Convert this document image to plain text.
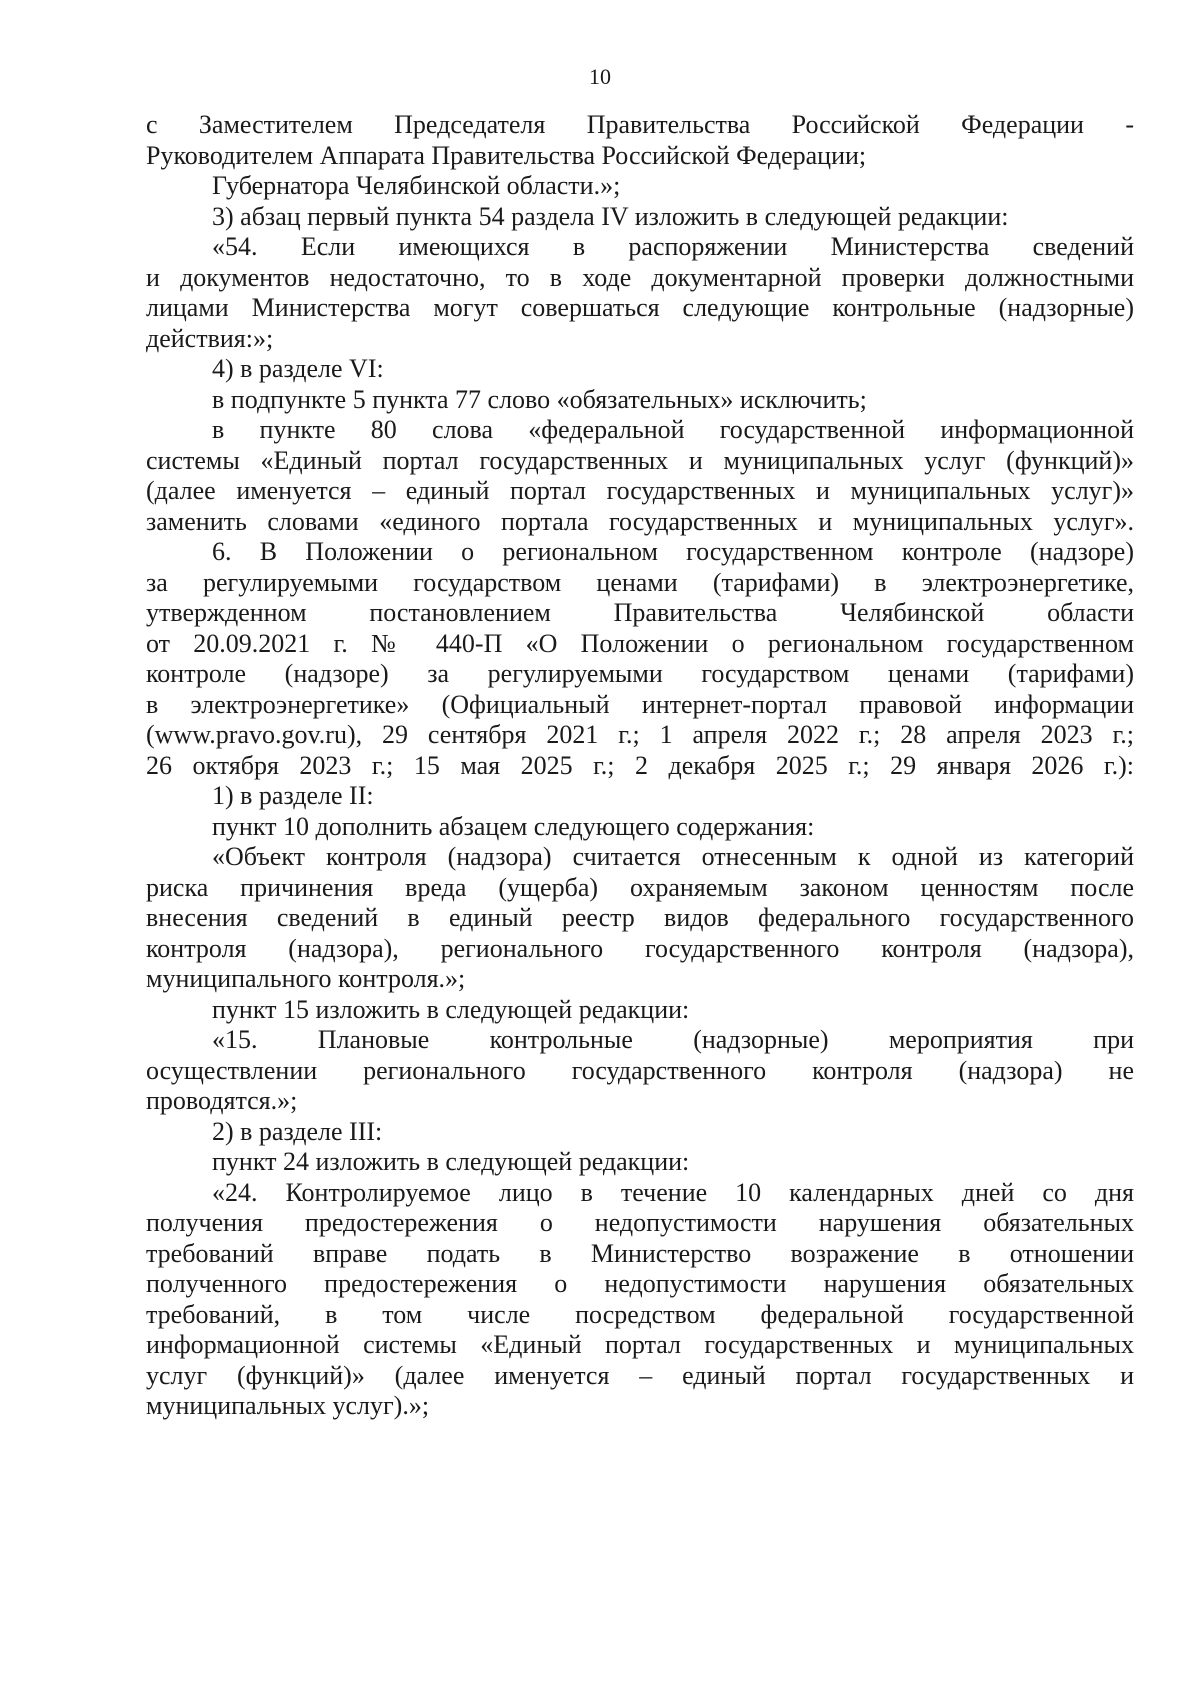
10
с Заместителем Председателя Правительства Российской Федерации -
Руководителем Аппарата Правительства Российской Федерации;
Губернатора Челябинской области.»;
3) абзац первый пункта 54 раздела IV изложить в следующей редакции:
«54. Если имеющихся в распоряжении Министерства сведений
и документов недостаточно, то в ходе документарной проверки должностными
лицами Министерства могут совершаться следующие контрольные (надзорные)
действия:»;
4) в разделе VI:
в подпункте 5 пункта 77 слово «обязательных» исключить;
в пункте 80 слова «федеральной государственной информационной
системы «Единый портал государственных и муниципальных услуг (функций)»
(далее именуется – единый портал государственных и муниципальных услуг)»
заменить словами «единого портала государственных и муниципальных услуг».
6. В Положении о региональном государственном контроле (надзоре)
за регулируемыми государством ценами (тарифами) в электроэнергетике,
утвержденном постановлением Правительства Челябинской области
от 20.09.2021 г. № 440-П «О Положении о региональном государственном
контроле (надзоре) за регулируемыми государством ценами (тарифами)
в электроэнергетике» (Официальный интернет-портал правовой информации
(www.pravo.gov.ru), 29 сентября 2021 г.; 1 апреля 2022 г.; 28 апреля 2023 г.;
26 октября 2023 г.; 15 мая 2025 г.; 2 декабря 2025 г.; 29 января 2026 г.):
1) в разделе II:
пункт 10 дополнить абзацем следующего содержания:
«Объект контроля (надзора) считается отнесенным к одной из категорий
риска причинения вреда (ущерба) охраняемым законом ценностям после
внесения сведений в единый реестр видов федерального государственного
контроля (надзора), регионального государственного контроля (надзора),
муниципального контроля.»;
пункт 15 изложить в следующей редакции:
«15. Плановые контрольные (надзорные) мероприятия при
осуществлении регионального государственного контроля (надзора) не
проводятся.»;
2) в разделе III:
пункт 24 изложить в следующей редакции:
«24. Контролируемое лицо в течение 10 календарных дней со дня
получения предостережения о недопустимости нарушения обязательных
требований вправе подать в Министерство возражение в отношении
полученного предостережения о недопустимости нарушения обязательных
требований, в том числе посредством федеральной государственной
информационной системы «Единый портал государственных и муниципальных
услуг (функций)» (далее именуется – единый портал государственных и
муниципальных услуг).»;
